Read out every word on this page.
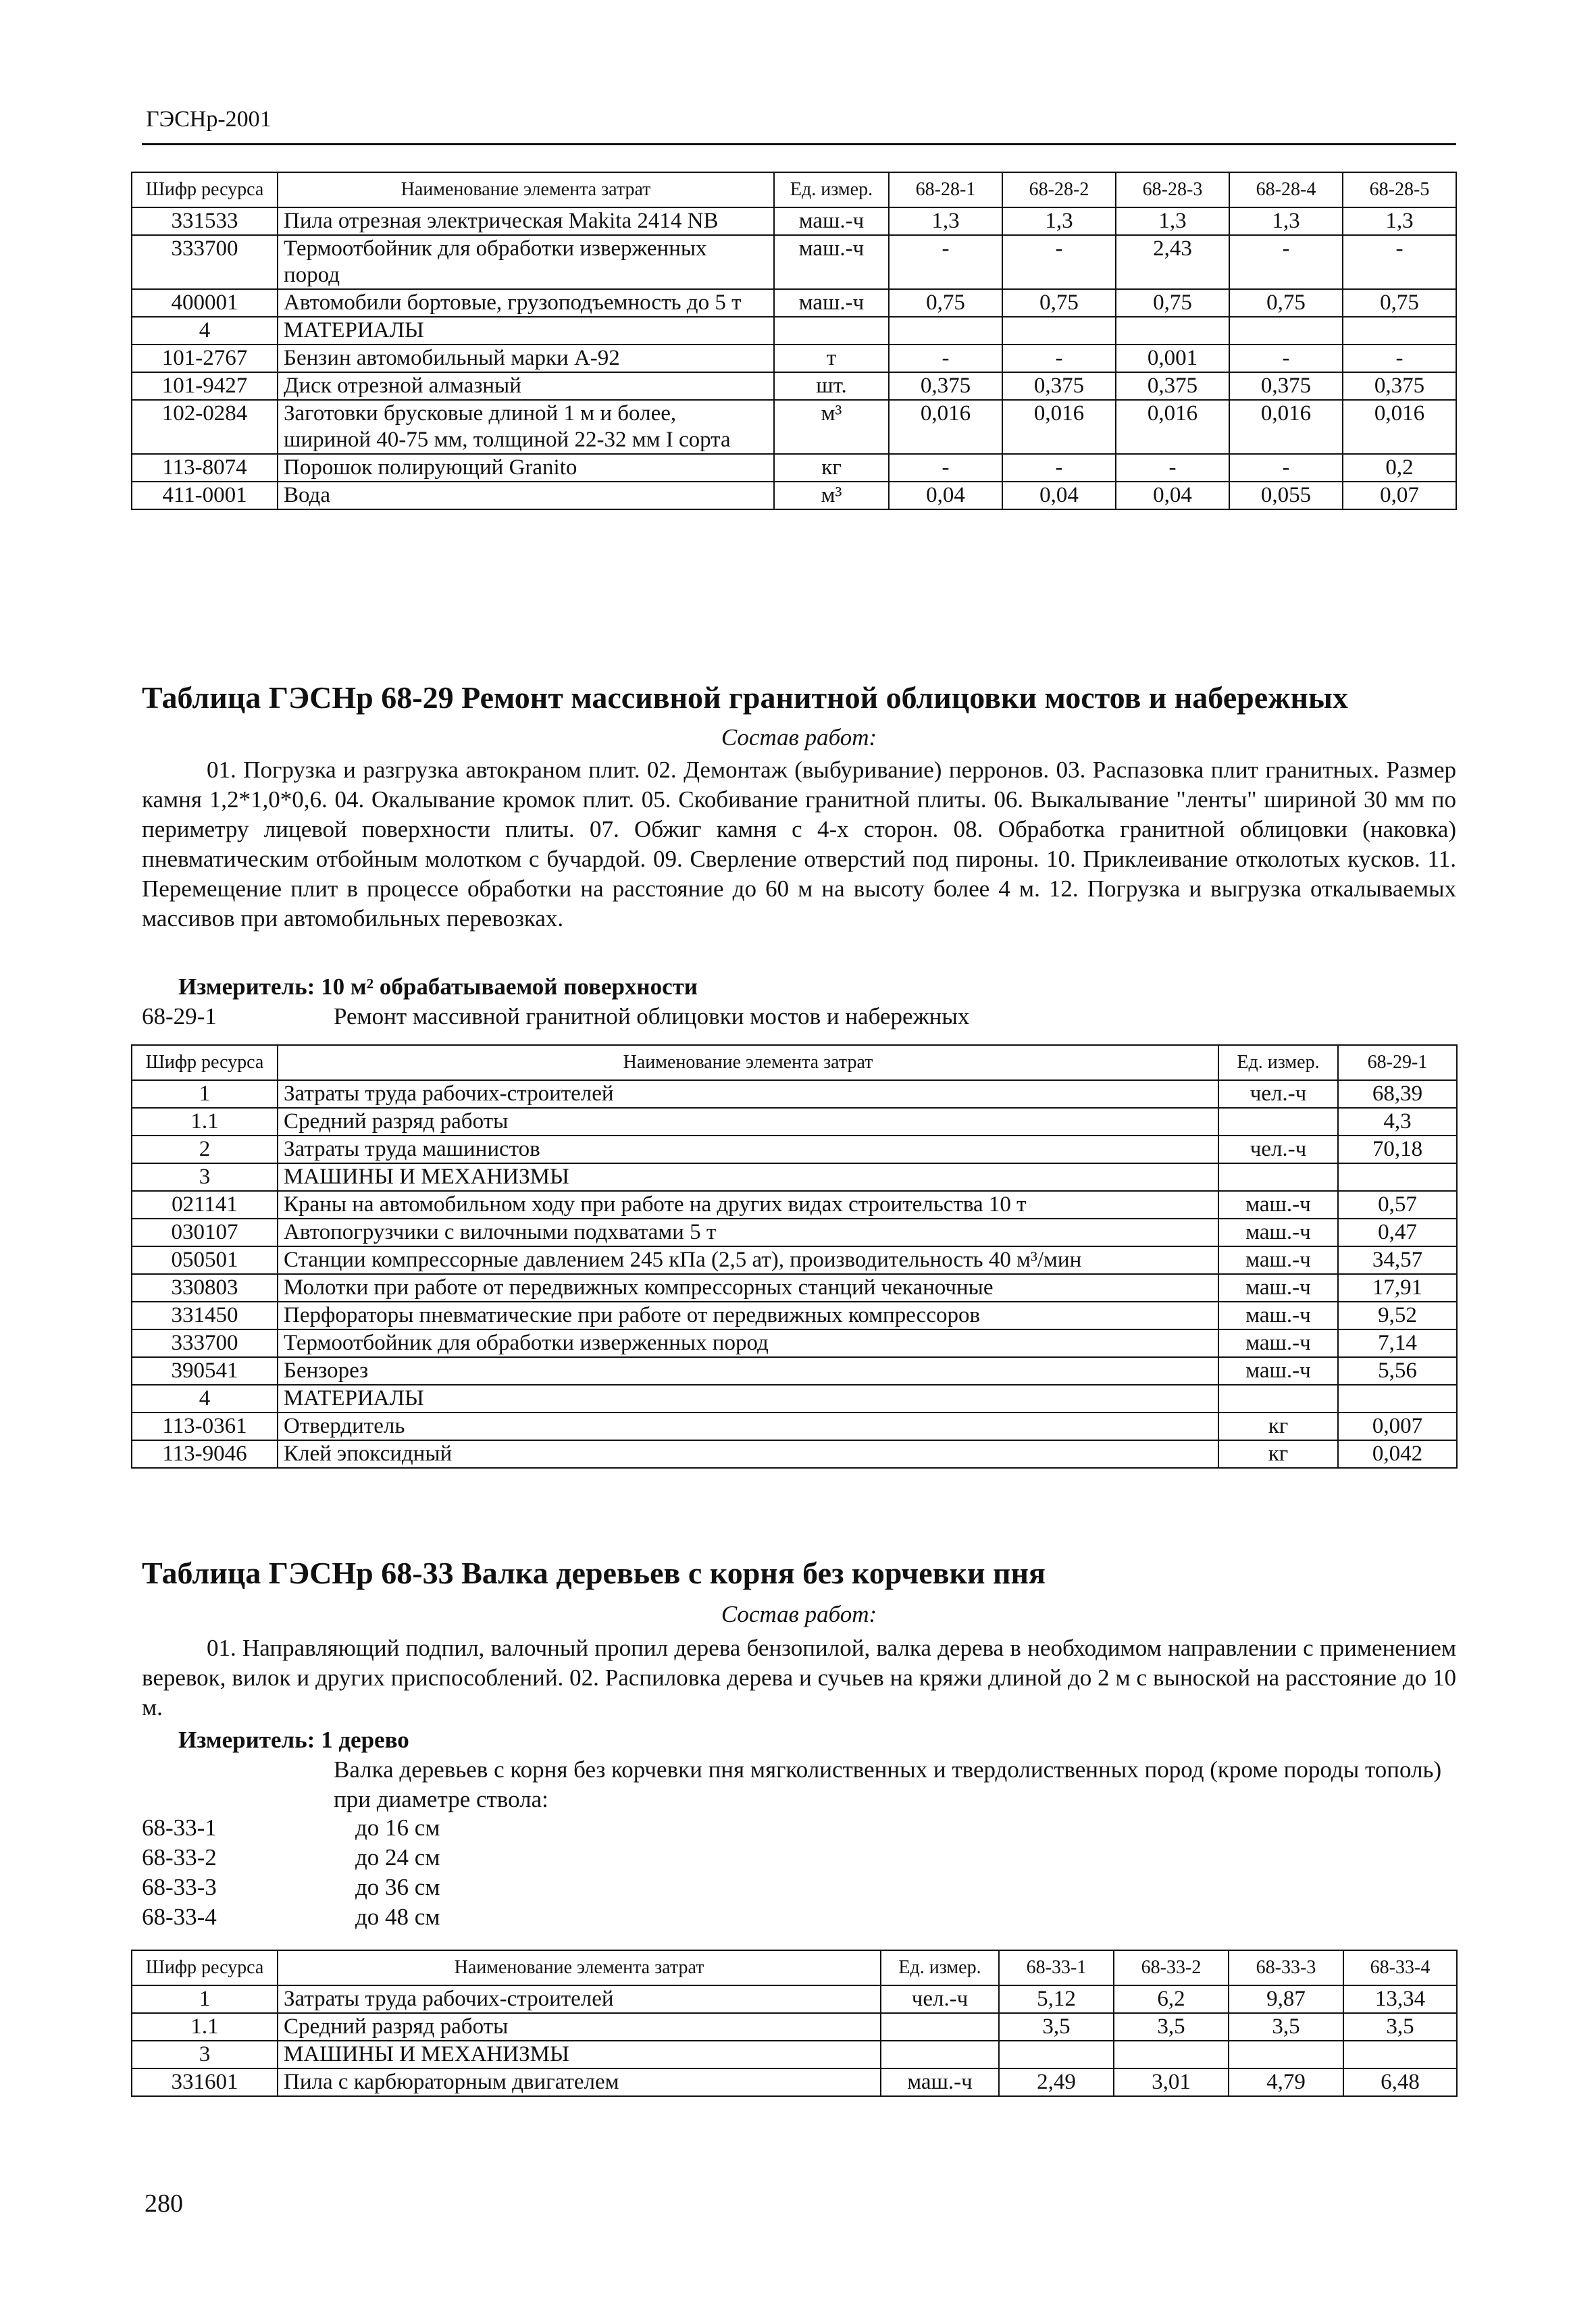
ГЭСНр-2001
Шифр ресурса	Наименование элемента затрат	Ед. измер.	68-28-1	68-28-2	68-28-3	68-28-4	68-28-5
331533	Пила отрезная электрическая Makita 2414 NB	маш.-ч	1,3	1,3	1,3	1,3	1,3
333700	Термоотбойник для обработки изверженных пород	маш.-ч	-	-	2,43	-	-
400001	Автомобили бортовые, грузоподъемность до 5 т	маш.-ч	0,75	0,75	0,75	0,75	0,75
4	МАТЕРИАЛЫ						
101-2767	Бензин автомобильный марки А-92	т	-	-	0,001	-	-
101-9427	Диск отрезной алмазный	шт.	0,375	0,375	0,375	0,375	0,375
102-0284	Заготовки брусковые длиной 1 м и более, шириной 40-75 мм, толщиной 22-32 мм I сорта	м³	0,016	0,016	0,016	0,016	0,016
113-8074	Порошок полирующий Granito	кг	-	-	-	-	0,2
411-0001	Вода	м³	0,04	0,04	0,04	0,055	0,07
Таблица ГЭСНр 68-29 Ремонт массивной гранитной облицовки мостов и набережных
Состав работ:
01. Погрузка и разгрузка автокраном плит. 02. Демонтаж (выбуривание) перронов. 03. Распазовка плит гранитных. Размер камня 1,2*1,0*0,6. 04. Окалывание кромок плит. 05. Скобивание гранитной плиты. 06. Выкалывание "ленты" шириной 30 мм по периметру лицевой поверхности плиты. 07. Обжиг камня с 4-х сторон. 08. Обработка гранитной облицовки (наковка) пневматическим отбойным молотком с бучардой. 09. Сверление отверстий под пироны. 10. Приклеивание отколотых кусков. 11. Перемещение плит в процессе обработки на расстояние до 60 м на высоту более 4 м. 12. Погрузка и выгрузка откалываемых массивов при автомобильных перевозках.
Измеритель: 10 м² обрабатываемой поверхности
68-29-1	Ремонт массивной гранитной облицовки мостов и набережных
Шифр ресурса	Наименование элемента затрат	Ед. измер.	68-29-1
1	Затраты труда рабочих-строителей	чел.-ч	68,39
1.1	Средний разряд работы		4,3
2	Затраты труда машинистов	чел.-ч	70,18
3	МАШИНЫ И МЕХАНИЗМЫ		
021141	Краны на автомобильном ходу при работе на других видах строительства 10 т	маш.-ч	0,57
030107	Автопогрузчики с вилочными подхватами 5 т	маш.-ч	0,47
050501	Станции компрессорные давлением 245 кПа (2,5 ат), производительность 40 м³/мин	маш.-ч	34,57
330803	Молотки при работе от передвижных компрессорных станций чеканочные	маш.-ч	17,91
331450	Перфораторы пневматические при работе от передвижных компрессоров	маш.-ч	9,52
333700	Термоотбойник для обработки изверженных пород	маш.-ч	7,14
390541	Бензорез	маш.-ч	5,56
4	МАТЕРИАЛЫ		
113-0361	Отвердитель	кг	0,007
113-9046	Клей эпоксидный	кг	0,042
Таблица ГЭСНр 68-33 Валка деревьев с корня без корчевки пня
Состав работ:
01. Направляющий подпил, валочный пропил дерева бензопилой, валка дерева в необходимом направлении с применением веревок, вилок и других приспособлений. 02. Распиловка дерева и сучьев на кряжи длиной до 2 м с выноской на расстояние до 10 м.
Измеритель: 1 дерево
Валка деревьев с корня без корчевки пня мягколиственных и твердолиственных пород (кроме породы тополь) при диаметре ствола:
68-33-1	до 16 см
68-33-2	до 24 см
68-33-3	до 36 см
68-33-4	до 48 см
Шифр ресурса	Наименование элемента затрат	Ед. измер.	68-33-1	68-33-2	68-33-3	68-33-4
1	Затраты труда рабочих-строителей	чел.-ч	5,12	6,2	9,87	13,34
1.1	Средний разряд работы		3,5	3,5	3,5	3,5
3	МАШИНЫ И МЕХАНИЗМЫ					
331601	Пила с карбюраторным двигателем	маш.-ч	2,49	3,01	4,79	6,48
280
